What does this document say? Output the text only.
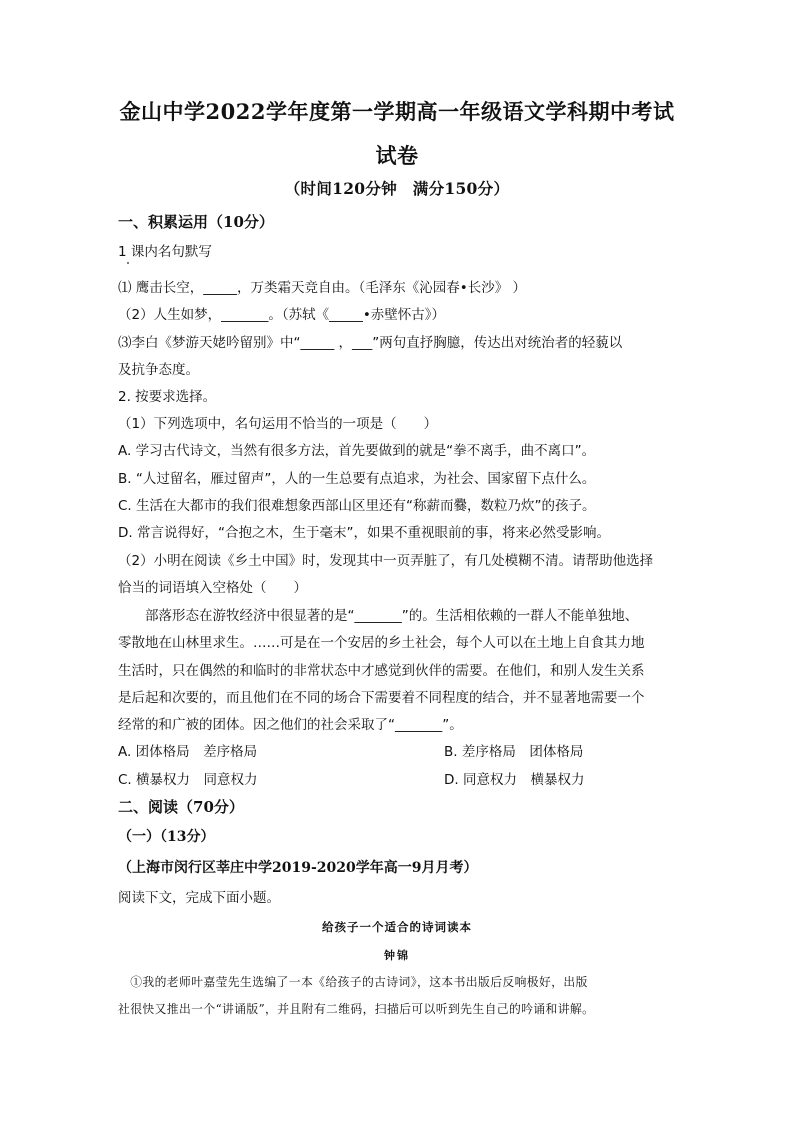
金山中学2022学年度第一学期高一年级语文学科期中考试
试卷
（时间120分钟　满分150分）
一、积累运用（10分）
1 课内名句默写
⑴ 鹰击长空，_____，万类霜天竞自由。（毛泽东《沁园春•长沙》 ）
（2）人生如梦，_______。（苏轼《_____•赤壁怀古》）
⑶李白《梦游天姥吟留别》中“_____ ，___”两句直抒胸臆，传达出对统治者的轻藐以
及抗争态度。
2. 按要求选择。
（1）下列选项中，名句运用不恰当的一项是（　　）
A. 学习古代诗文，当然有很多方法，首先要做到的就是“拳不离手，曲不离口”。
B. “人过留名，雁过留声”，人的一生总要有点追求，为社会、国家留下点什么。
C. 生活在大都市的我们很难想象西部山区里还有“称薪而爨，数粒乃炊”的孩子。
D. 常言说得好，“合抱之木，生于毫末”，如果不重视眼前的事，将来必然受影响。
（2）小明在阅读《乡土中国》时，发现其中一页弄脏了，有几处模糊不清。请帮助他选择
恰当的词语填入空格处（　　）
　　部落形态在游牧经济中很显著的是“_______”的。生活相依赖的一群人不能单独地、
零散地在山林里求生。……可是在一个安居的乡土社会，每个人可以在土地上自食其力地
生活时，只在偶然的和临时的非常状态中才感觉到伙伴的需要。在他们，和别人发生关系
是后起和次要的，而且他们在不同的场合下需要着不同程度的结合，并不显著地需要一个
经常的和广被的团体。因之他们的社会采取了“_______”。
A. 团体格局　差序格局	B. 差序格局　团体格局
C. 横暴权力　同意权力	D. 同意权力　横暴权力
二、阅读（70分）
（一）（13分）
（上海市闵行区莘庄中学2019-2020学年高一9月月考）
阅读下文，完成下面小题。
给孩子一个适合的诗词读本
钟锦
　①我的老师叶嘉莹先生选编了一本《给孩子的古诗词》，这本书出版后反响极好，出版
社很快又推出一个“讲诵版”，并且附有二维码，扫描后可以听到先生自己的吟诵和讲解。
